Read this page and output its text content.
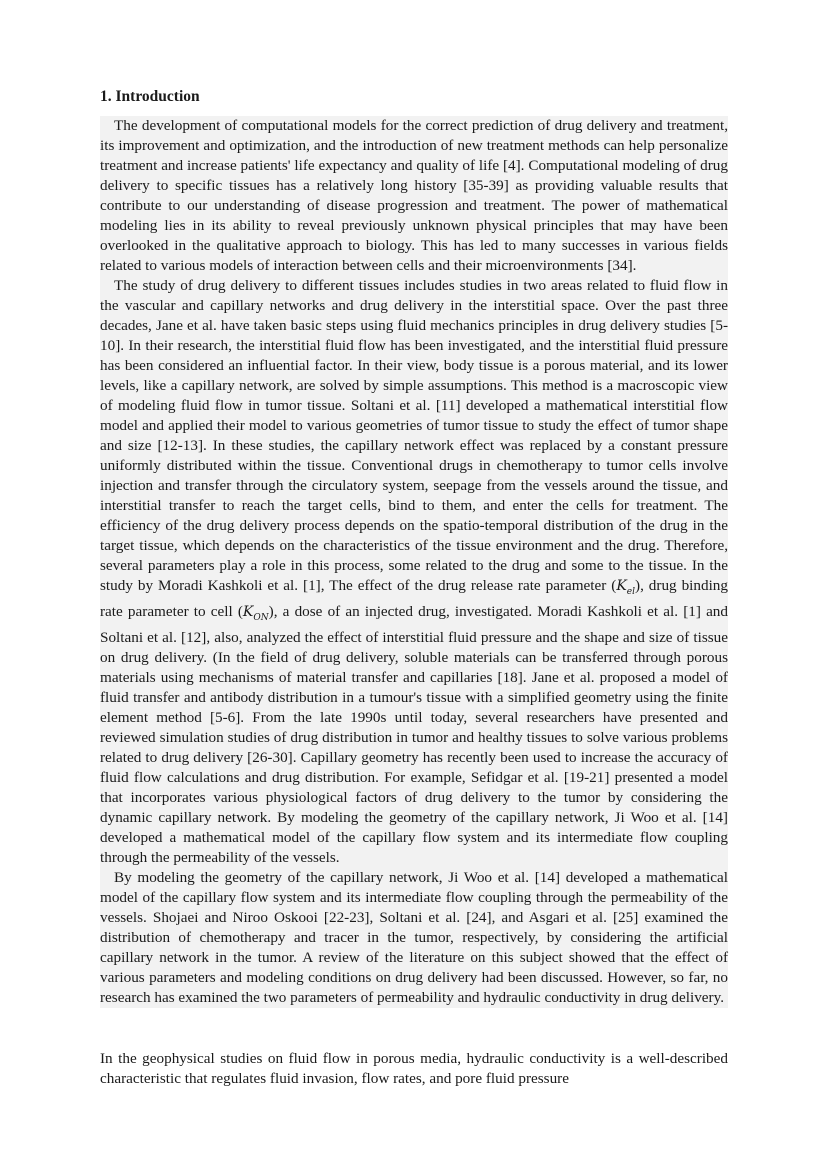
1. Introduction

The development of computational models for the correct prediction of drug delivery and treatment, its improvement and optimization, and the introduction of new treatment methods can help personalize treatment and increase patients' life expectancy and quality of life [4]. Computational modeling of drug delivery to specific tissues has a relatively long history [35-39] as providing valuable results that contribute to our understanding of disease progression and treatment. The power of mathematical modeling lies in its ability to reveal previously unknown physical principles that may have been overlooked in the qualitative approach to biology. This has led to many successes in various fields related to various models of interaction between cells and their microenvironments [34].

The study of drug delivery to different tissues includes studies in two areas related to fluid flow in the vascular and capillary networks and drug delivery in the interstitial space. Over the past three decades, Jane et al. have taken basic steps using fluid mechanics principles in drug delivery studies [5-10]. In their research, the interstitial fluid flow has been investigated, and the interstitial fluid pressure has been considered an influential factor. In their view, body tissue is a porous material, and its lower levels, like a capillary network, are solved by simple assumptions. This method is a macroscopic view of modeling fluid flow in tumor tissue. Soltani et al. [11] developed a mathematical interstitial flow model and applied their model to various geometries of tumor tissue to study the effect of tumor shape and size [12-13]. In these studies, the capillary network effect was replaced by a constant pressure uniformly distributed within the tissue. Conventional drugs in chemotherapy to tumor cells involve injection and transfer through the circulatory system, seepage from the vessels around the tissue, and interstitial transfer to reach the target cells, bind to them, and enter the cells for treatment. The efficiency of the drug delivery process depends on the spatio-temporal distribution of the drug in the target tissue, which depends on the characteristics of the tissue environment and the drug. Therefore, several parameters play a role in this process, some related to the drug and some to the tissue. In the study by Moradi Kashkoli et al. [1], The effect of the drug release rate parameter $(K_{el})$, drug binding rate parameter to cell $(K_{ON})$, a dose of an injected drug, investigated. Moradi Kashkoli et al. [1] and Soltani et al. [12], also, analyzed the effect of interstitial fluid pressure and the shape and size of tissue on drug delivery. (In the field of drug delivery, soluble materials can be transferred through porous materials using mechanisms of material transfer and capillaries [18]. Jane et al. proposed a model of fluid transfer and antibody distribution in a tumour's tissue with a simplified geometry using the finite element method [5-6]. From the late 1990s until today, several researchers have presented and reviewed simulation studies of drug distribution in tumor and healthy tissues to solve various problems related to drug delivery [26-30]. Capillary geometry has recently been used to increase the accuracy of fluid flow calculations and drug distribution. For example, Sefidgar et al. [19-21] presented a model that incorporates various physiological factors of drug delivery to the tumor by considering the dynamic capillary network. By modeling the geometry of the capillary network, Ji Woo et al. [14] developed a mathematical model of the capillary flow system and its intermediate flow coupling through the permeability of the vessels.

By modeling the geometry of the capillary network, Ji Woo et al. [14] developed a mathematical model of the capillary flow system and its intermediate flow coupling through the permeability of the vessels. Shojaei and Niroo Oskooi [22-23], Soltani et al. [24], and Asgari et al. [25] examined the distribution of chemotherapy and tracer in the tumor, respectively, by considering the artificial capillary network in the tumor. A review of the literature on this subject showed that the effect of various parameters and modeling conditions on drug delivery had been discussed. However, so far, no research has examined the two parameters of permeability and hydraulic conductivity in drug delivery.

In the geophysical studies on fluid flow in porous media, hydraulic conductivity is a well-described characteristic that regulates fluid invasion, flow rates, and pore fluid pressure
